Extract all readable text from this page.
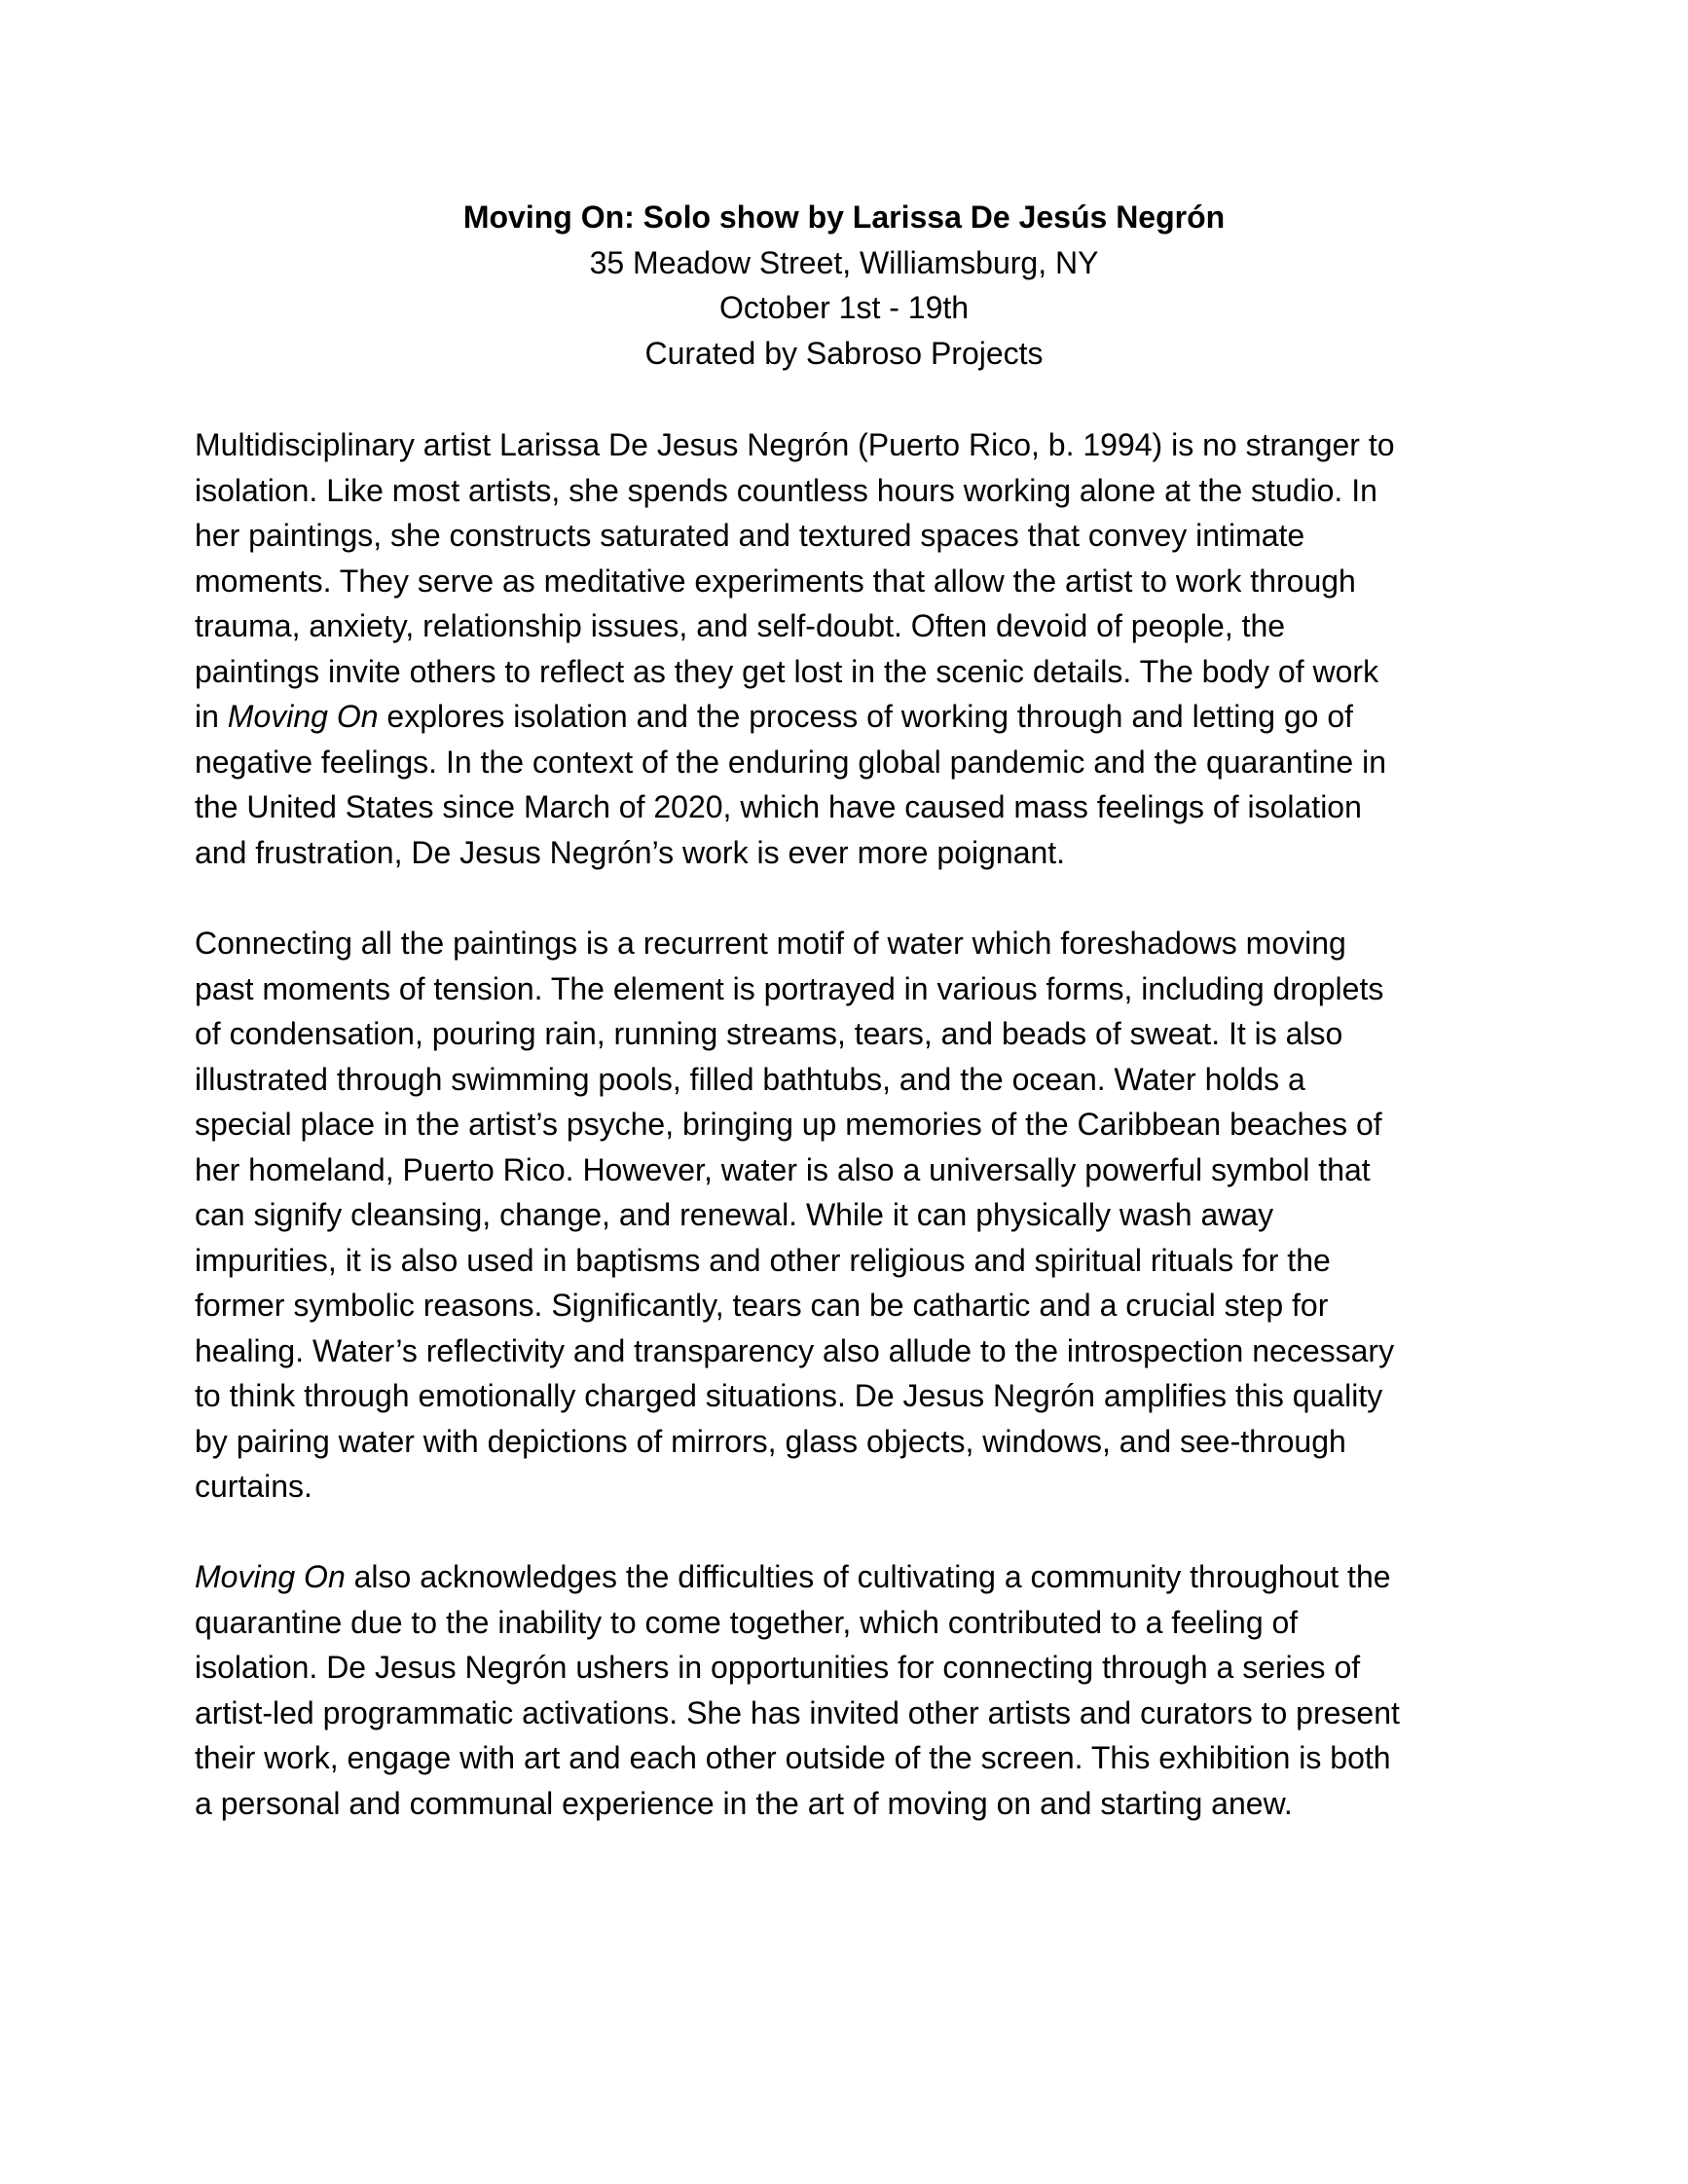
Moving On: Solo show by Larissa De Jesús Negrón
35 Meadow Street, Williamsburg, NY
October 1st - 19th
Curated by Sabroso Projects
Multidisciplinary artist Larissa De Jesus Negrón (Puerto Rico, b. 1994) is no stranger to
isolation. Like most artists, she spends countless hours working alone at the studio. In
her paintings, she constructs saturated and textured spaces that convey intimate
moments. They serve as meditative experiments that allow the artist to work through
trauma, anxiety, relationship issues, and self-doubt. Often devoid of people, the
paintings invite others to reflect as they get lost in the scenic details. The body of work
in Moving On explores isolation and the process of working through and letting go of
negative feelings. In the context of the enduring global pandemic and the quarantine in
the United States since March of 2020, which have caused mass feelings of isolation
and frustration, De Jesus Negrón’s work is ever more poignant.
Connecting all the paintings is a recurrent motif of water which foreshadows moving
past moments of tension. The element is portrayed in various forms, including droplets
of condensation, pouring rain, running streams, tears, and beads of sweat. It is also
illustrated through swimming pools, filled bathtubs, and the ocean. Water holds a
special place in the artist’s psyche, bringing up memories of the Caribbean beaches of
her homeland, Puerto Rico. However, water is also a universally powerful symbol that
can signify cleansing, change, and renewal. While it can physically wash away
impurities, it is also used in baptisms and other religious and spiritual rituals for the
former symbolic reasons. Significantly, tears can be cathartic and a crucial step for
healing. Water’s reflectivity and transparency also allude to the introspection necessary
to think through emotionally charged situations. De Jesus Negrón amplifies this quality
by pairing water with depictions of mirrors, glass objects, windows, and see-through
curtains.
Moving On also acknowledges the difficulties of cultivating a community throughout the
quarantine due to the inability to come together, which contributed to a feeling of
isolation. De Jesus Negrón ushers in opportunities for connecting through a series of
artist-led programmatic activations. She has invited other artists and curators to present
their work, engage with art and each other outside of the screen. This exhibition is both
a personal and communal experience in the art of moving on and starting anew.
